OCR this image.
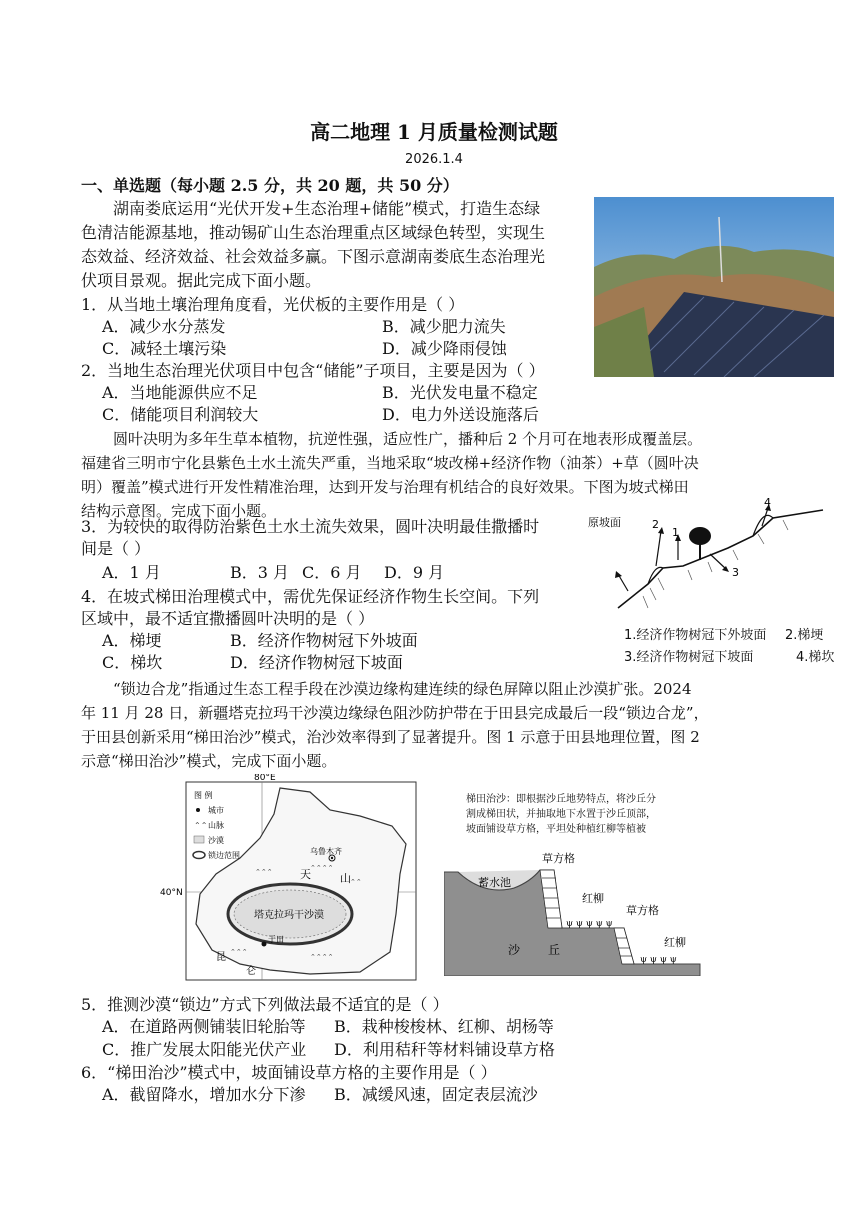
高二地理 1 月质量检测试题
2026.1.4
一、单选题（每小题 2.5 分，共 20 题，共 50 分）
湖南娄底运用“光伏开发+生态治理+储能”模式，打造生态绿
色清洁能源基地，推动锡矿山生态治理重点区域绿色转型，实现生
态效益、经济效益、社会效益多赢。下图示意湖南娄底生态治理光
伏项目景观。据此完成下面小题。
1．从当地土壤治理角度看，光伏板的主要作用是（ ）
A．减少水分蒸发	B．减少肥力流失
C．减轻土壤污染	D．减少降雨侵蚀
2．当地生态治理光伏项目中包含“储能”子项目，主要是因为（ ）
A．当地能源供应不足	B．光伏发电量不稳定
C．储能项目利润较大	D．电力外送设施落后
圆叶决明为多年生草本植物，抗逆性强，适应性广，播种后 2 个月可在地表形成覆盖层。
福建省三明市宁化县紫色土水土流失严重，当地采取“坡改梯+经济作物（油茶）+草（圆叶决
明）覆盖”模式进行开发性精准治理，达到开发与治理有机结合的良好效果。下图为坡式梯田
结构示意图。完成下面小题。
3．为较快的取得防治紫色土水土流失效果，圆叶决明最佳撒播时
间是（ ）
A．1 月	B．3 月 C．6 月 D．9 月
4．在坡式梯田治理模式中，需优先保证经济作物生长空间。下列
区域中，最不适宜撒播圆叶决明的是（ ）
A．梯埂	B．经济作物树冠下外坡面
C．梯坎	D．经济作物树冠下坡面
原坡面
1
2
3
4
1.经济作物树冠下外坡面 2.梯埂
3.经济作物树冠下坡面	4.梯坎
“锁边合龙”指通过生态工程手段在沙漠边缘构建连续的绿色屏障以阻止沙漠扩张。2024
年 11 月 28 日，新疆塔克拉玛干沙漠边缘绿色阻沙防护带在于田县完成最后一段“锁边合龙”，
于田县创新采用“梯田治沙”模式，治沙效率得到了显著提升。图 1 示意于田县地理位置，图 2
示意“梯田治沙”模式，完成下面小题。
80°E
40°N
⌃⌃⌃	⌃⌃⌃⌃
⌃⌃
⌃⌃⌃
⌃⌃⌃⌃
乌鲁木齐
于田
天	山
塔克拉玛干沙漠
昆
仑
图 例
城市
⌃⌃ 山脉
沙漠
锁边范围
梯田治沙：即根据沙丘地势特点，将沙丘分
割成梯田状，并抽取地下水置于沙丘顶部，
坡面铺设草方格，平坦处种植红柳等植被
ψ ψ ψ ψ ψ
ψ ψ ψ ψ
蓄水池
草方格
草方格
红柳
红柳
沙 丘
5．推测沙漠“锁边”方式下列做法最不适宜的是（ ）
A．在道路两侧铺装旧轮胎等 B．栽种梭梭林、红柳、胡杨等
C．推广发展太阳能光伏产业 D．利用秸秆等材料铺设草方格
6．“梯田治沙”模式中，坡面铺设草方格的主要作用是（ ）
A．截留降水，增加水分下渗 B．减缓风速，固定表层流沙
